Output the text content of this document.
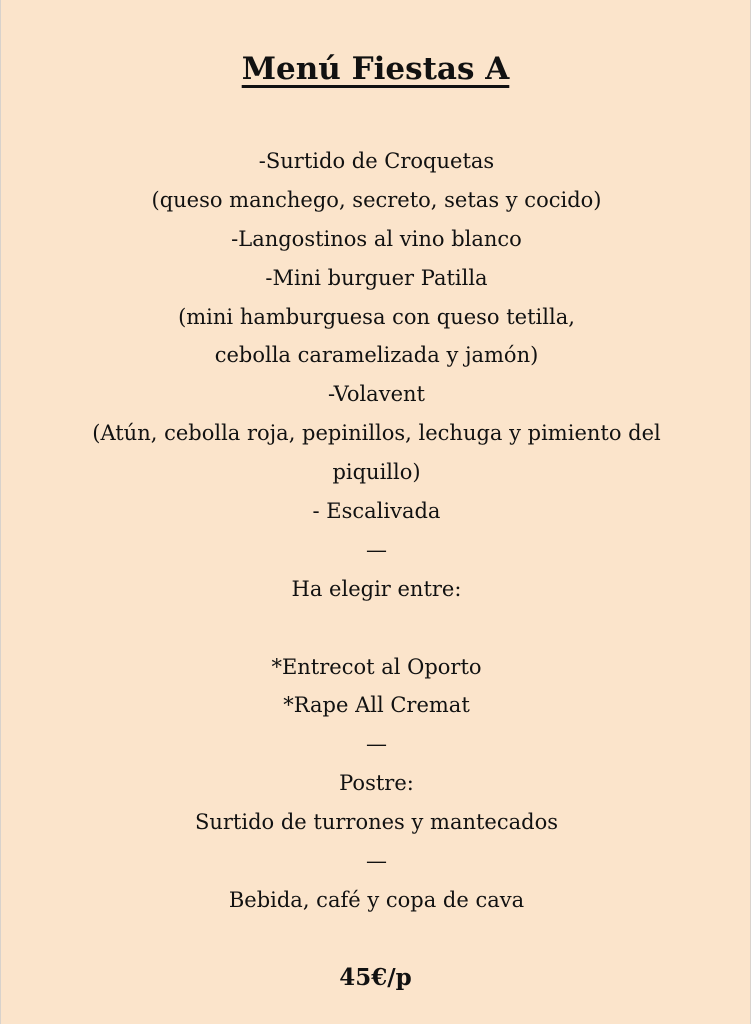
Menú Fiestas A
-Surtido de Croquetas
(queso manchego, secreto, setas y cocido)
-Langostinos al vino blanco
-Mini burguer Patilla
(mini hamburguesa con queso tetilla,
cebolla caramelizada y jamón)
-Volavent
(Atún, cebolla roja, pepinillos, lechuga y pimiento del
piquillo)
- Escalivada
—
Ha elegir entre:
*Entrecot al Oporto
*Rape All Cremat
—
Postre:
Surtido de turrones y mantecados
—
Bebida, café y copa de cava
45€/p
